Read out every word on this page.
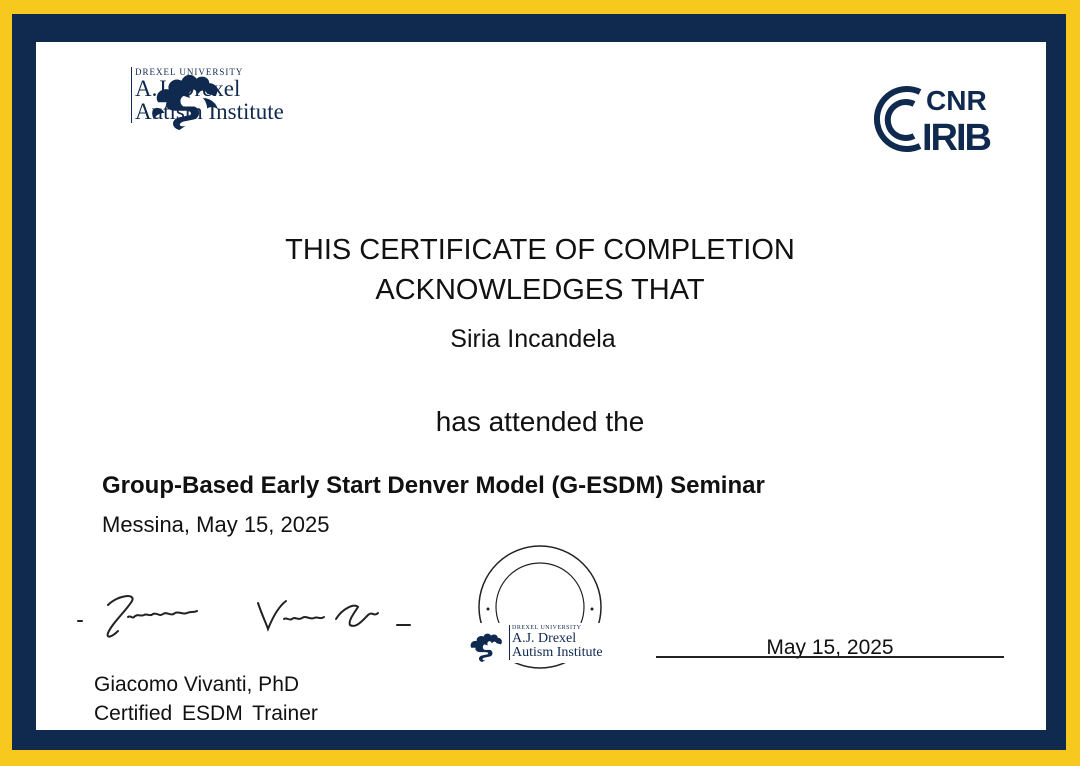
DREXEL UNIVERSITY
A.J. Drexel
Autism Institute	CNR
IRIB
THIS CERTIFICATE OF COMPLETION
ACKNOWLEDGES THAT
Siria Incandela
has attended the
Group-Based Early Start Denver Model (G-ESDM) Seminar
Messina, May 15, 2025
DREXEL UNIVERSITY
A.J. Drexel
Autism Institute	May 15, 2025
Giacomo Vivanti, PhD
Certified ESDM Trainer
